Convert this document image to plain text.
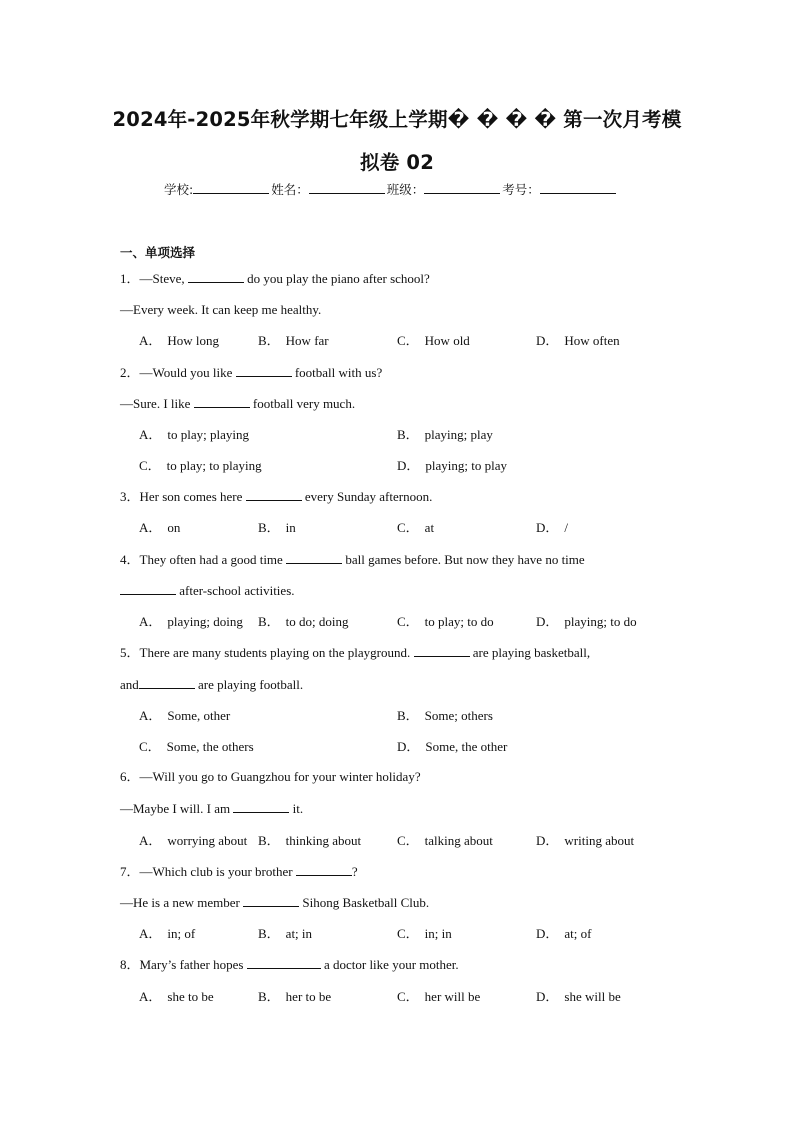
2024年-2025年秋学期七年级上学期� � � � 第一次月考模
拟卷 02
学校:	姓名：	班级：	考号：
一、单项选择
1．—Steve,	do you play the piano after school?
—Every week. It can keep me healthy.
A． How long	B． How far	C． How old	D． How often
2．—Would you like	football with us?
—Sure. I like	football very much.
A． to play; playing	B． playing; play
C． to play; to playing	D． playing; to play
3．Her son comes here	every Sunday afternoon.
A． on	B． in	C． at	D． /
4．They often had a good time	ball games before. But now they have no time
after-school activities.
A． playing; doing B． to do; doing	C． to play; to do	D． playing; to do
5．There are many students playing on the playground.	are playing basketball,
and	are playing football.
A． Some, other	B． Some; others
C． Some, the others	D． Some, the other
6．—Will you go to Guangzhou for your winter holiday?
—Maybe I will. I am	it.
A． worrying about B． thinking about	C． talking about	D． writing about
7．—Which club is your brother	?
—He is a new member	Sihong Basketball Club.
A． in; of	B． at; in	C． in; in	D． at; of
8．Mary’s father hopes	a doctor like your mother.
A． she to be	B． her to be	C． her will be	D． she will be
